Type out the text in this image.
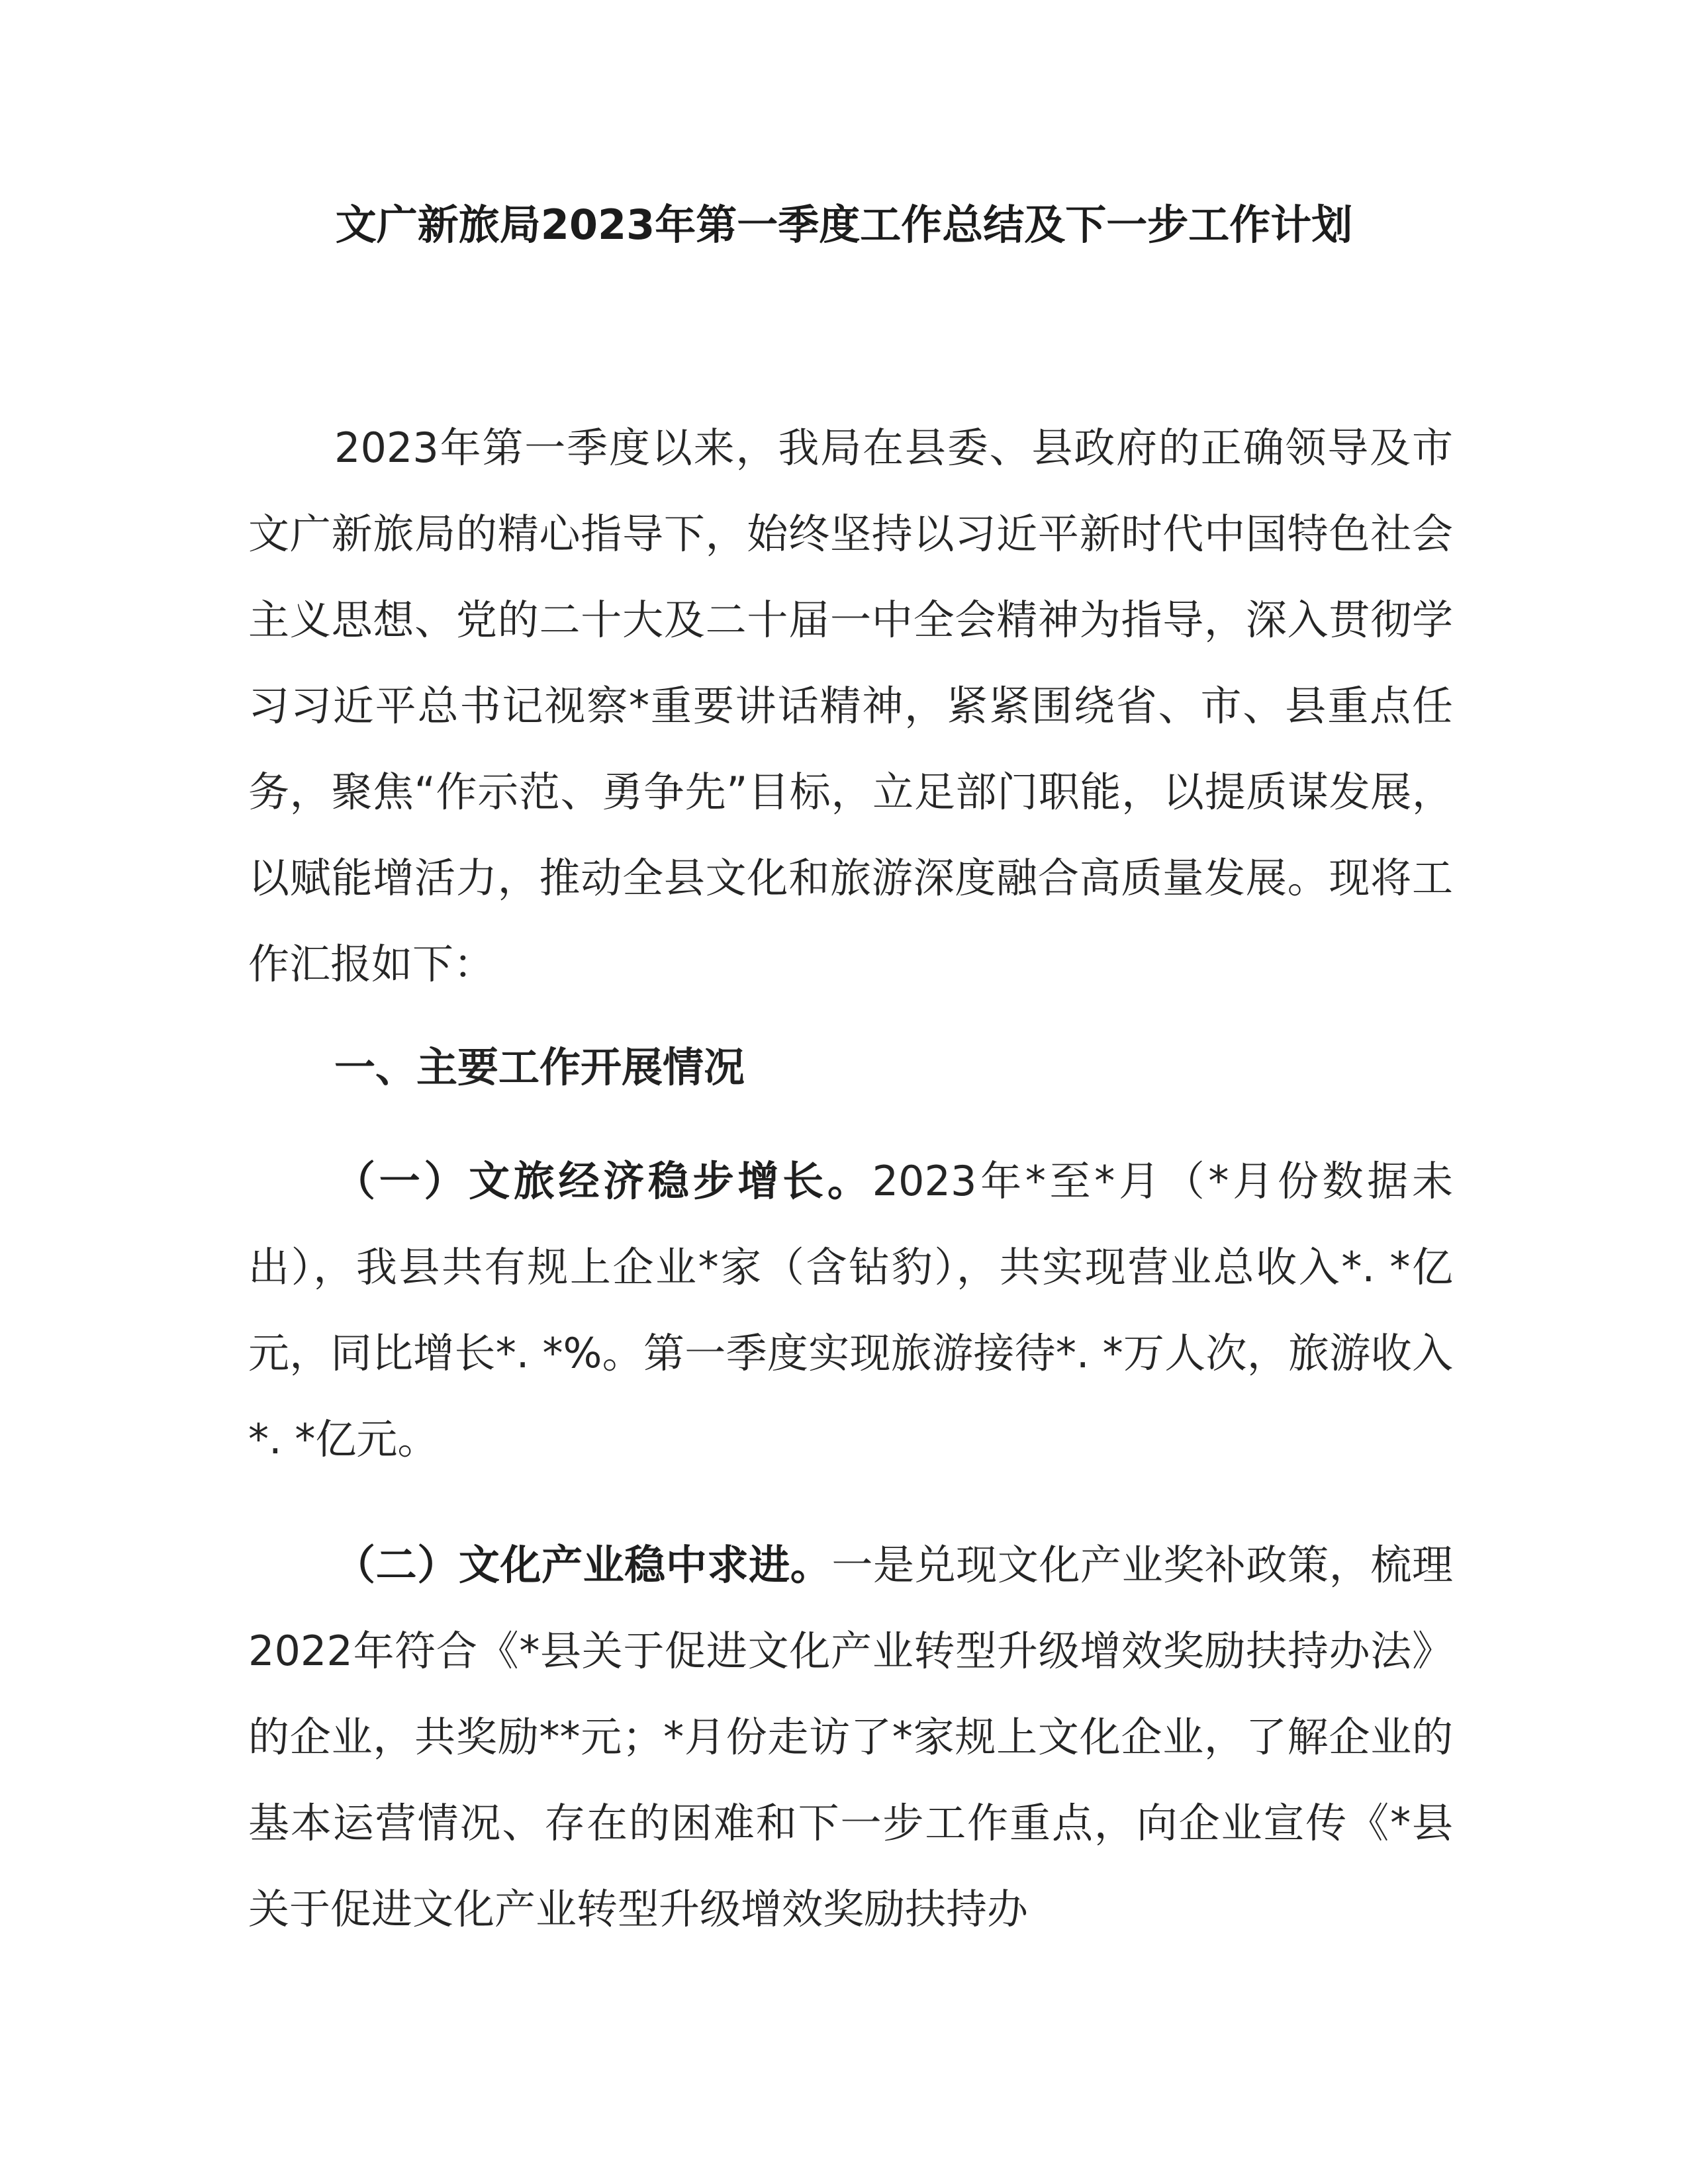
文广新旅局2023年第一季度工作总结及下一步工作计划

2023年第一季度以来，我局在县委、县政府的正确领导及市文广新旅局的精心指导下，始终坚持以习近平新时代中国特色社会主义思想、党的二十大及二十届一中全会精神为指导，深入贯彻学习习近平总书记视察*重要讲话精神，紧紧围绕省、市、县重点任务，聚焦“作示范、勇争先”目标，立足部门职能，以提质谋发展，以赋能增活力，推动全县文化和旅游深度融合高质量发展。现将工作汇报如下：

一、主要工作开展情况

（一）文旅经济稳步增长。2023年*至*月（*月份数据未出），我县共有规上企业*家（含钻豹），共实现营业总收入*. *亿元，同比增长*. *%。第一季度实现旅游接待*. *万人次，旅游收入*. *亿元。

（二）文化产业稳中求进。一是兑现文化产业奖补政策，梳理2022年符合《*县关于促进文化产业转型升级增效奖励扶持办法》的企业，共奖励**元；*月份走访了*家规上文化企业，了解企业的基本运营情况、存在的困难和下一步工作重点，向企业宣传《*县关于促进文化产业转型升级增效奖励扶持办
